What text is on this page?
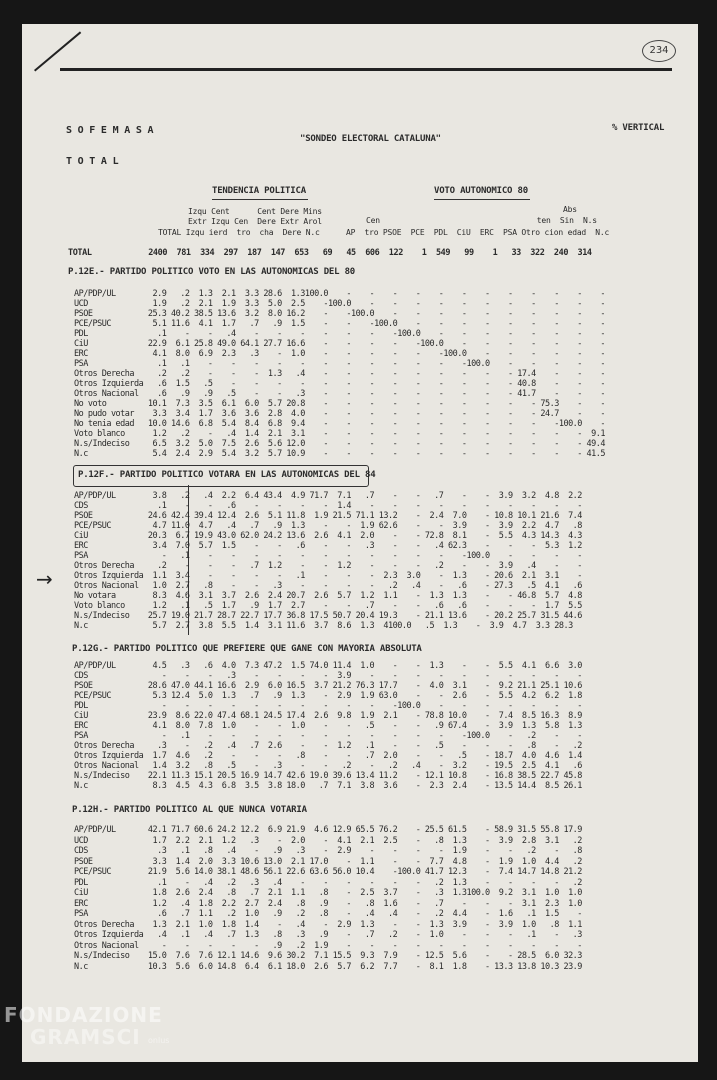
234
S O F E M A S A
"SONDEO ELECTORAL CATALUNA"
% VERTICAL
T O T A L
TENDENCIA POLITICA	VOTO AUTONOMICO 80
Izqu Cent      Cent Dere Mins
Extr Izqu Cen  Dere Extr Arol
TOTAL Izqu ierd  tro  cha  Dere N.c
Abs
Cen                                  ten  Sin  N.s
AP  tro PSOE  PCE  PDL  CiU  ERC  PSA Otro cion edad  N.c
TOTAL            2400  781  334  297  187  147  653   69   45  606  122    1  549   99    1   33  322  240  314
P.12E.- PARTIDO POLITICO VOTO EN LAS AUTONOMICAS DEL 80
AP/PDP/UL        2.9   .2  1.3  2.1  3.3 28.6  1.3100.0    -    -    -    -    -    -    -    -    -    -    -    -
UCD              1.9   .2  2.1  1.9  3.3  5.0  2.5    -100.0    -    -    -    -    -    -    -    -    -    -    -
PSOE            25.3 40.2 38.5 13.6  3.2  8.0 16.2    -    -100.0    -    -    -    -    -    -    -    -    -    -
PCE/PSUC         5.1 11.6  4.1  1.7   .7   .9  1.5    -    -    -100.0    -    -    -    -    -    -    -    -    -
PDL               .1    -    -   .4    -    -    -    -    -    -    -100.0    -    -    -    -    -    -    -    -
CiU             22.9  6.1 25.8 49.0 64.1 27.7 16.6    -    -    -    -    -100.0    -    -    -    -    -    -    -
ERC              4.1  8.0  6.9  2.3   .3    -  1.0    -    -    -    -    -    -100.0    -    -    -    -    -    -
PSA               .1   .1    -    -    -    -    -    -    -    -    -    -    -    -100.0    -    -    -    -    -
Otros Derecha     .2   .2    -    -    -  1.3   .4    -    -    -    -    -    -    -    -    - 17.4    -    -    -
Otros Izquierda   .6  1.5   .5    -    -    -    -    -    -    -    -    -    -    -    -    - 40.8    -    -    -
Otros Nacional    .6   .9   .9   .5    -    -   .3    -    -    -    -    -    -    -    -    - 41.7    -    -    -
No voto         10.1  7.3  3.5  6.1  6.0  5.7 20.8    -    -    -    -    -    -    -    -    -    - 75.3    -    -
No pudo votar    3.3  3.4  1.7  3.6  3.6  2.8  4.0    -    -    -    -    -    -    -    -    -    - 24.7    -    -
No tenia edad   10.0 14.6  6.8  5.4  8.4  6.8  9.4    -    -    -    -    -    -    -    -    -    -    -100.0    -
Voto blanco      1.2   .2    -   .4  1.4  2.1  3.1    -    -    -    -    -    -    -    -    -    -    -    -  9.1
N.s/Indeciso     6.5  3.2  5.0  7.5  2.6  5.6 12.0    -    -    -    -    -    -    -    -    -    -    -    - 49.4
N.c              5.4  2.4  2.9  5.4  3.2  5.7 10.9    -    -    -    -    -    -    -    -    -    -    -    - 41.5
P.12F.- PARTIDO POLITICO VOTARA EN LAS AUTONOMICAS DEL 84
→
AP/PDP/UL        3.8   .2   .4  2.2  6.4 43.4  4.9 71.7  7.1   .7    -    -   .7    -    -  3.9  3.2  4.8  2.2
CDS               .1    -    -   .6    -    -    -    -  1.4    -    -    -    -    -    -    -    -    -    -
PSOE            24.6 42.4 39.4 12.4  2.6  5.1 11.8  1.9 21.5 71.1 13.2    -  2.4  7.0    - 10.8 10.1 21.6  7.4
PCE/PSUC         4.7 11.0  4.7   .4   .7   .9  1.3    -    -  1.9 62.6    -    -  3.9    -  3.9  2.2  4.7   .8
CiU             20.3  6.7 19.9 43.0 62.0 24.2 13.6  2.6  4.1  2.0    -    - 72.8  8.1    -  5.5  4.3 14.3  4.3
ERC              3.4  7.0  5.7  1.5    -    -   .6    -    -   .3    -    -   .4 62.3    -    -    -  5.3  1.2
PSA                -   .1    -    -    -    -    -    -    -    -    -    -    -    -100.0    -    -    -    -
Otros Derecha     .2    -    -    -   .7  1.2    -    -  1.2    -    -    -   .2    -    -  3.9   .4    -    -
Otros Izquierda  1.1  3.4    -    -    -    -   .1    -    -    -  2.3  3.0    -  1.3    - 20.6  2.1  3.1    -
Otros Nacional   1.0  2.7   .8    -    -   .3    -    -    -    -   .2   .4    -   .6    - 27.3   .5  4.1   .6
No votara        8.3  4.6  3.1  3.7  2.6  2.4 20.7  2.6  5.7  1.2  1.1    -  1.3  1.3    -    - 46.8  5.7  4.8
Voto blanco      1.2   .1   .5  1.7   .9  1.7  2.7    -    -   .7    -    -   .6   .6    -    -    -  1.7  5.5
N.s/Indeciso    25.7 19.0 21.7 28.7 22.7 17.7 36.8 17.5 50.7 20.4 19.3    - 21.1 13.6    - 20.2 25.7 31.5 44.6
N.c              5.7  2.7  3.8  5.5  1.4  3.1 11.6  3.7  8.6  1.3  4100.0   .5  1.3    -  3.9  4.7  3.3 28.3
P.12G.- PARTIDO POLITICO QUE PREFIERE QUE GANE CON MAYORIA ABSOLUTA
AP/PDP/UL        4.5   .3   .6  4.0  7.3 47.2  1.5 74.0 11.4  1.0    -    -  1.3    -    -  5.5  4.1  6.6  3.0
CDS                -    -    -   .3    -    -    -    -  3.9    -    -    -    -    -    -    -    -    -    -
PSOE            28.6 47.0 44.1 16.6  2.9  6.0 16.5  3.7 21.2 76.3 17.7    -  4.0  3.1    -  9.2 21.1 25.1 10.6
PCE/PSUC         5.3 12.4  5.0  1.3   .7   .9  1.3    -  2.9  1.9 63.0    -    -  2.6    -  5.5  4.2  6.2  1.8
PDL                -    -    -    -    -    -    -    -    -    -    -100.0    -    -    -    -    -    -    -
CiU             23.9  8.6 22.0 47.4 68.1 24.5 17.4  2.6  9.8  1.9  2.1    - 78.8 10.0    -  7.4  8.5 16.3  8.9
ERC              4.1  8.0  7.8  1.0    -    -  1.0    -    -   .5    -    -   .9 67.4    -  3.9  1.3  5.8  1.3
PSA                -   .1    -    -    -    -    -    -    -    -    -    -    -    -100.0    -   .2    -    -
Otros Derecha     .3    -   .2   .4   .7  2.6    -    -  1.2   .1    -    -   .5    -    -    -   .8    -   .2
Otros Izquierda  1.7  4.6   .2    -    -    -   .8    -    -   .7  2.0    -    -   .5    - 18.7  4.0  4.6  1.4
Otros Nacional   1.4  3.2   .8   .5    -   .3    -    -   .2    -   .2   .4    -  3.2    - 19.5  2.5  4.1   .6
N.s/Indeciso    22.1 11.3 15.1 20.5 16.9 14.7 42.6 19.0 39.6 13.4 11.2    - 12.1 10.8    - 16.8 38.5 22.7 45.8
N.c              8.3  4.5  4.3  6.8  3.5  3.8 18.0   .7  7.1  3.8  3.6    -  2.3  2.4    - 13.5 14.4  8.5 26.1
P.12H.- PARTIDO POLITICO AL QUE NUNCA VOTARIA
AP/PDP/UL       42.1 71.7 60.6 24.2 12.2  6.9 21.9  4.6 12.9 65.5 76.2    - 25.5 61.5    - 58.9 31.5 55.8 17.9
UCD              1.7  2.2  2.1  1.2   .3    -  2.0    -  4.1  2.1  2.5    -   .8  1.3    -  3.9  2.8  3.1   .2
CDS               .3   .1   .8   .4    -   .9   .3    -  2.9    -    -    -    -  1.9    -    -   .2    -   .8
PSOE             3.3  1.4  2.0  3.3 10.6 13.0  2.1 17.0    -  1.1    -    -  7.7  4.8    -  1.9  1.0  4.4   .2
PCE/PSUC        21.9  5.6 14.0 38.1 48.6 56.1 22.6 63.6 56.0 10.4    -100.0 41.7 12.3    -  7.4 14.7 14.8 21.2
PDL               .1    -   .4   .2   .3   .4    -    -    -    -    -    -   .2  1.3    -    -    -    -   .2
CiU              1.8  2.6  2.4   .8   .7  2.1  1.1   .8    -  2.5  3.7    -   .3  1.3100.0  9.2  3.1  1.0  1.0
ERC              1.2   .4  1.8  2.2  2.7  2.4   .8   .9    -   .8  1.6    -   .7    -    -    -  3.1  2.3  1.0
PSA               .6   .7  1.1   .2  1.0   .9   .2   .8    -   .4   .4    -   .2  4.4    -  1.6   .1  1.5    -
Otros Derecha    1.3  2.1  1.0  1.8  1.4    -   .4    -  2.9  1.3    -    -  1.3  3.9    -  3.9  1.0   .8  1.1
Otros Izquierda   .4   .1   .4   .7  1.3   .8   .3   .9    -   .7   .2    -  1.0    -    -    -   .1    -   .3
Otros Nacional     -    -    -    -    -   .9   .2  1.9    -    -    -    -    -    -    -    -    -    -    -
N.s/Indeciso    15.0  7.6  7.6 12.1 14.6  9.6 30.2  7.1 15.5  9.3  7.9    - 12.5  5.6    -    - 28.5  6.0 32.3
N.c             10.3  5.6  6.0 14.8  6.4  6.1 18.0  2.6  5.7  6.2  7.7    -  8.1  1.8    - 13.3 13.8 10.3 23.9
FONDAZIONE
GRAMSCI onlus
